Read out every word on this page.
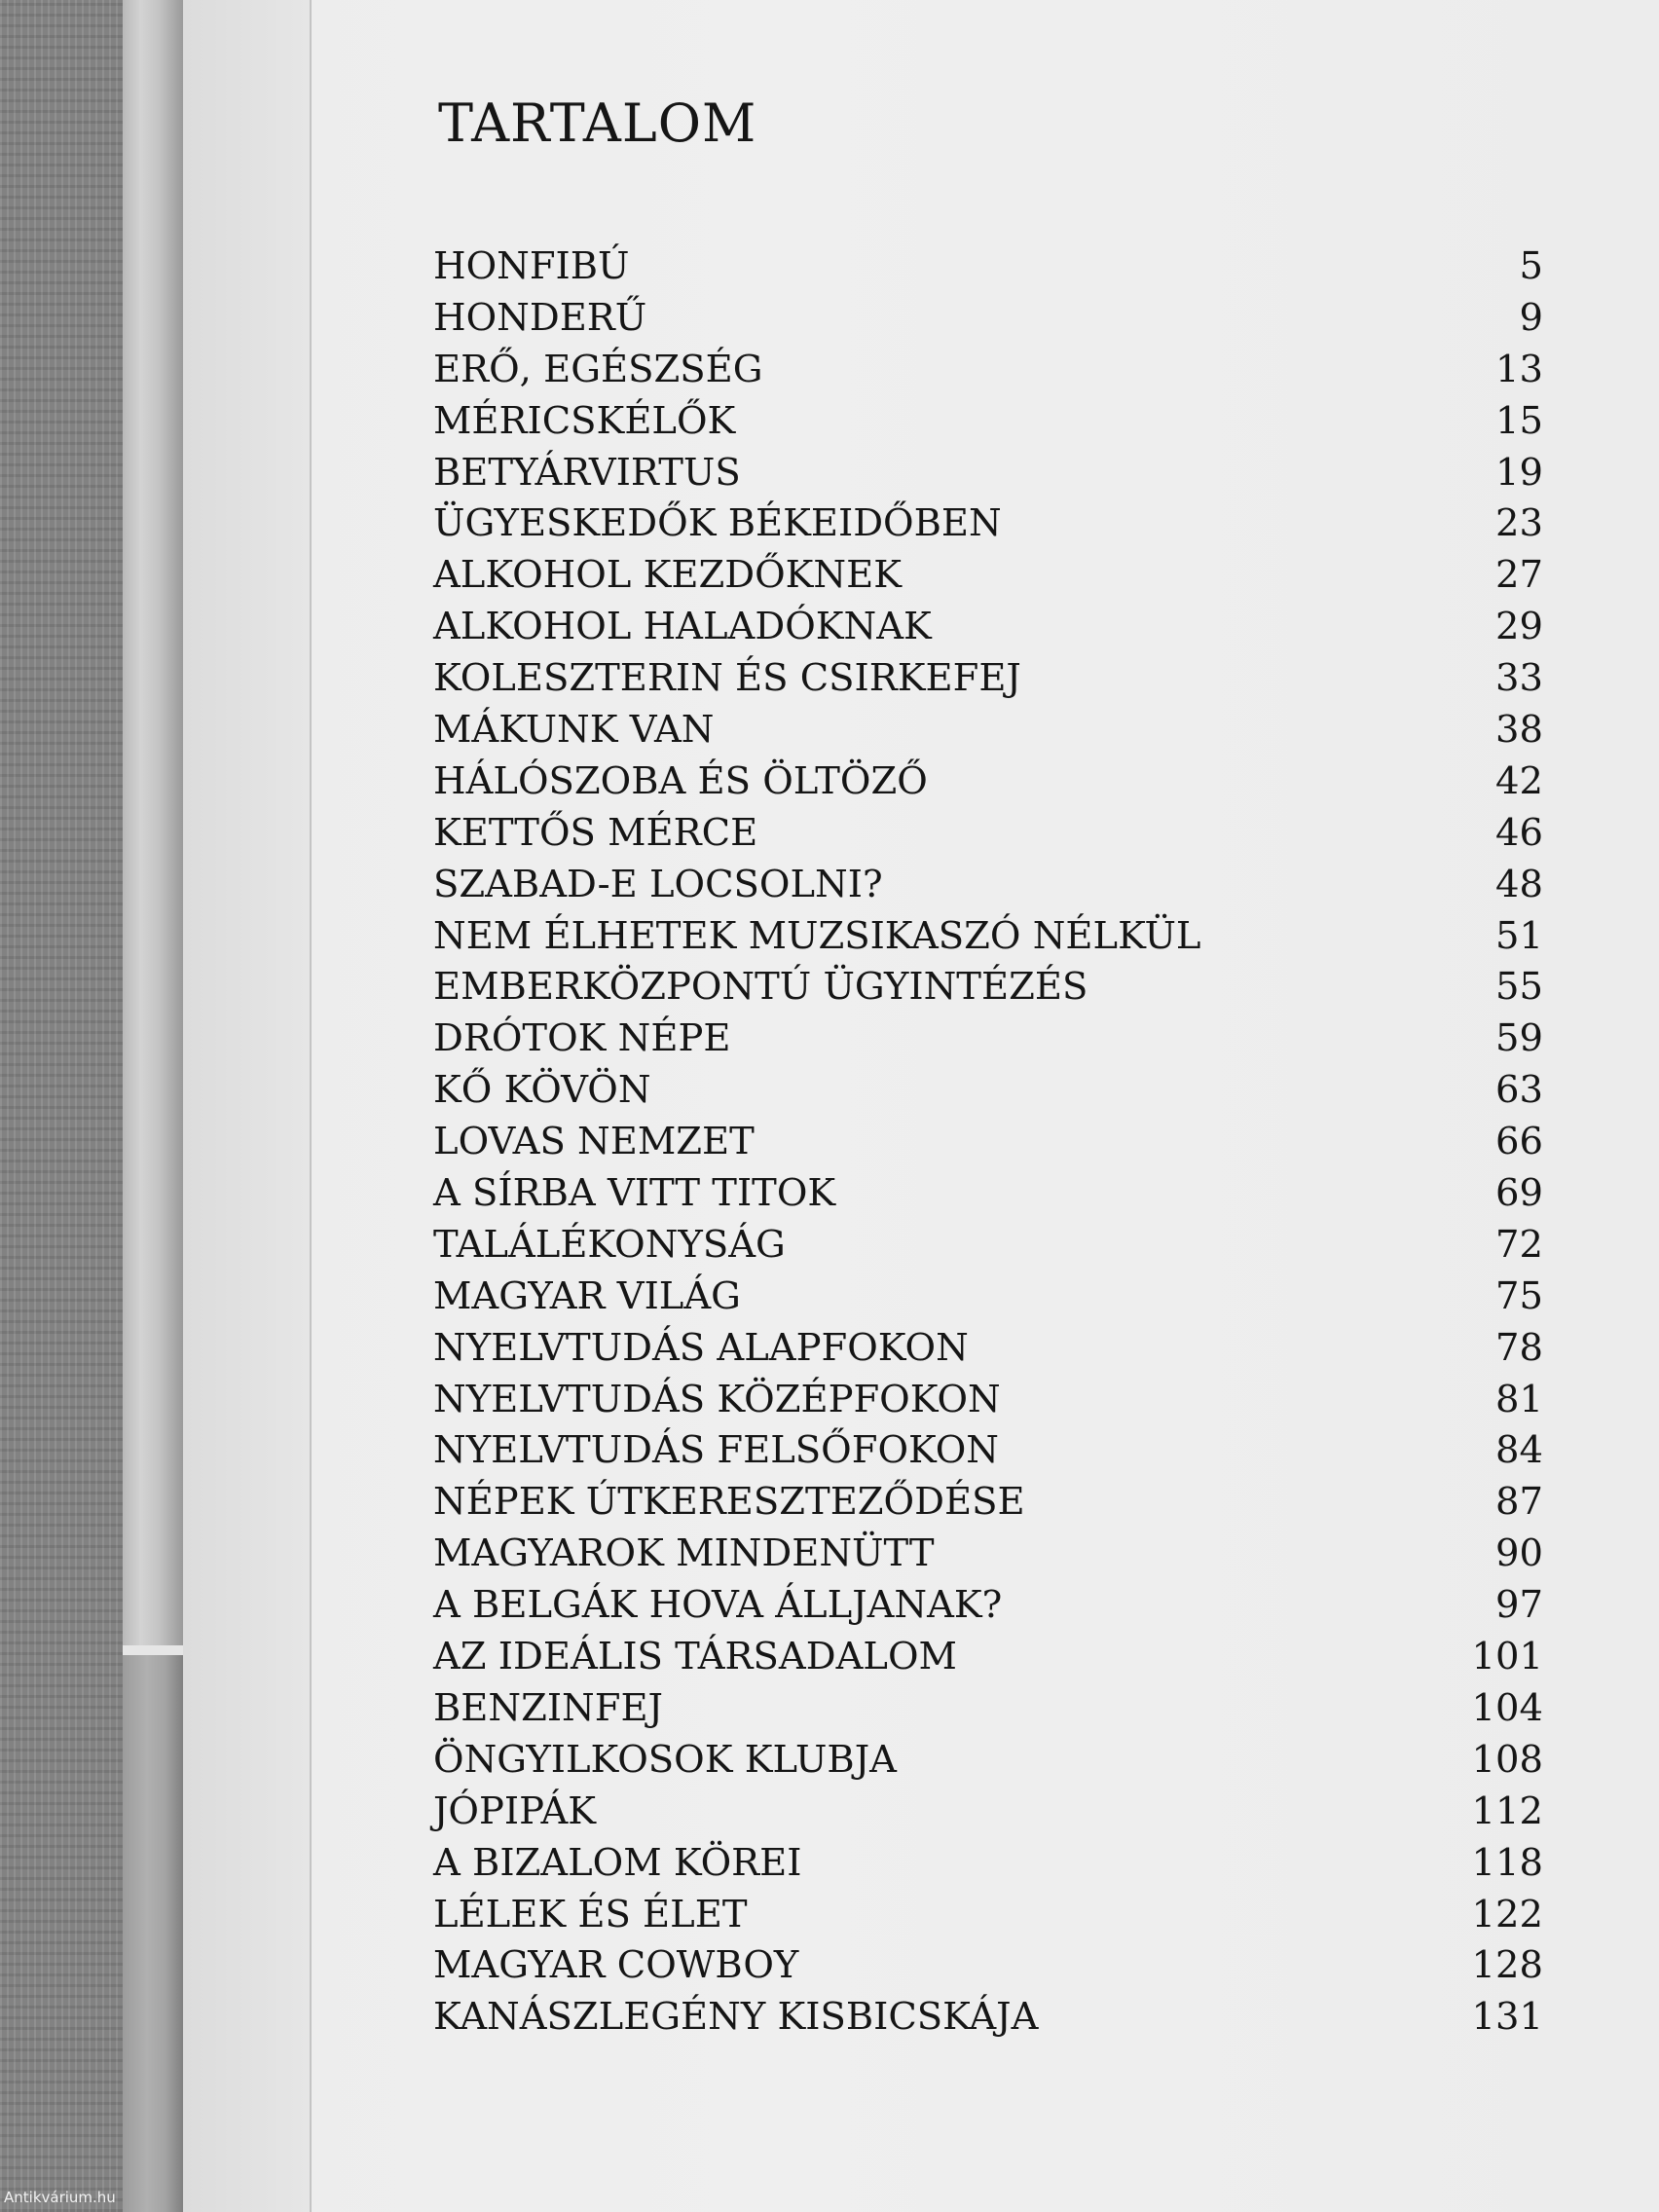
TARTALOM
HONFIBÚ	5
HONDERŰ	9
ERŐ, EGÉSZSÉG	13
MÉRICSKÉLŐK	15
BETYÁRVIRTUS	19
ÜGYESKEDŐK BÉKEIDŐBEN	23
ALKOHOL KEZDŐKNEK	27
ALKOHOL HALADÓKNAK	29
KOLESZTERIN ÉS CSIRKEFEJ	33
MÁKUNK VAN	38
HÁLÓSZOBA ÉS ÖLTÖZŐ	42
KETTŐS MÉRCE	46
SZABAD-E LOCSOLNI?	48
NEM ÉLHETEK MUZSIKASZÓ NÉLKÜL	51
EMBERKÖZPONTÚ ÜGYINTÉZÉS	55
DRÓTOK NÉPE	59
KŐ KÖVÖN	63
LOVAS NEMZET	66
A SÍRBA VITT TITOK	69
TALÁLÉKONYSÁG	72
MAGYAR VILÁG	75
NYELVTUDÁS ALAPFOKON	78
NYELVTUDÁS KÖZÉPFOKON	81
NYELVTUDÁS FELSŐFOKON	84
NÉPEK ÚTKERESZTEZŐDÉSE	87
MAGYAROK MINDENÜTT	90
A BELGÁK HOVA ÁLLJANAK?	97
AZ IDEÁLIS TÁRSADALOM	101
BENZINFEJ	104
ÖNGYILKOSOK KLUBJA	108
JÓPIPÁK	112
A BIZALOM KÖREI	118
LÉLEK ÉS ÉLET	122
MAGYAR COWBOY	128
KANÁSZLEGÉNY KISBICSKÁJA	131
Antikvárium.hu
